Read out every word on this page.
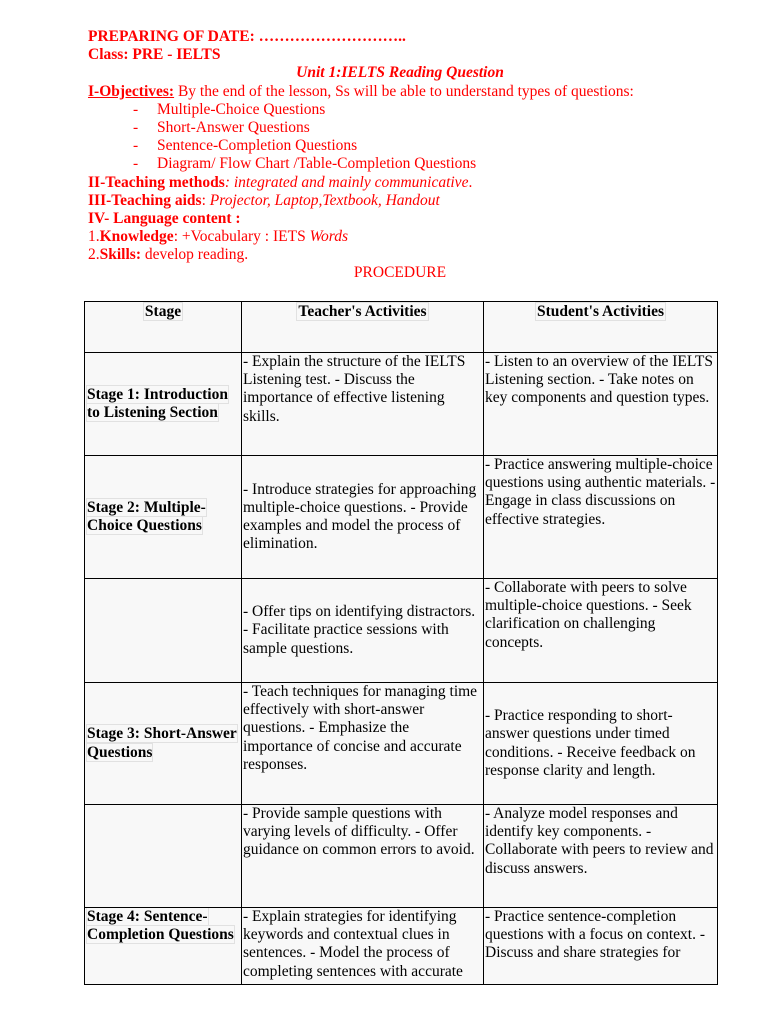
PREPARING OF DATE: ………………………..
Class: PRE - IELTS
Unit 1:IELTS Reading Question
I-Objectives: By the end of the lesson, Ss will be able to understand types of questions:
- Multiple-Choice Questions
- Short-Answer Questions
- Sentence-Completion Questions
- Diagram/ Flow Chart /Table-Completion Questions
II-Teaching methods: integrated and mainly communicative.
III-Teaching aids: Projector, Laptop,Textbook, Handout
IV- Language content :
1.Knowledge: +Vocabulary : IETS Words
2.Skills: develop reading.
PROCEDURE
Stage	Teacher's Activities	Student's Activities
Stage 1: Introduction to Listening Section	- Explain the structure of the IELTS Listening test. - Discuss the importance of effective listening skills.	- Listen to an overview of the IELTS Listening section. - Take notes on key components and question types.
Stage 2: Multiple-Choice Questions	- Introduce strategies for approaching multiple-choice questions. - Provide examples and model the process of elimination.	- Practice answering multiple-choice questions using authentic materials. - Engage in class discussions on effective strategies.
	- Offer tips on identifying distractors. - Facilitate practice sessions with sample questions.	- Collaborate with peers to solve multiple-choice questions. - Seek clarification on challenging concepts.
Stage 3: Short-Answer Questions	- Teach techniques for managing time effectively with short-answer questions. - Emphasize the importance of concise and accurate responses.	- Practice responding to short-answer questions under timed conditions. - Receive feedback on response clarity and length.
	- Provide sample questions with varying levels of difficulty. - Offer guidance on common errors to avoid.	- Analyze model responses and identify key components. - Collaborate with peers to review and discuss answers.
Stage 4: Sentence-Completion Questions	- Explain strategies for identifying keywords and contextual clues in sentences. - Model the process of completing sentences with accurate	- Practice sentence-completion questions with a focus on context. - Discuss and share strategies for
